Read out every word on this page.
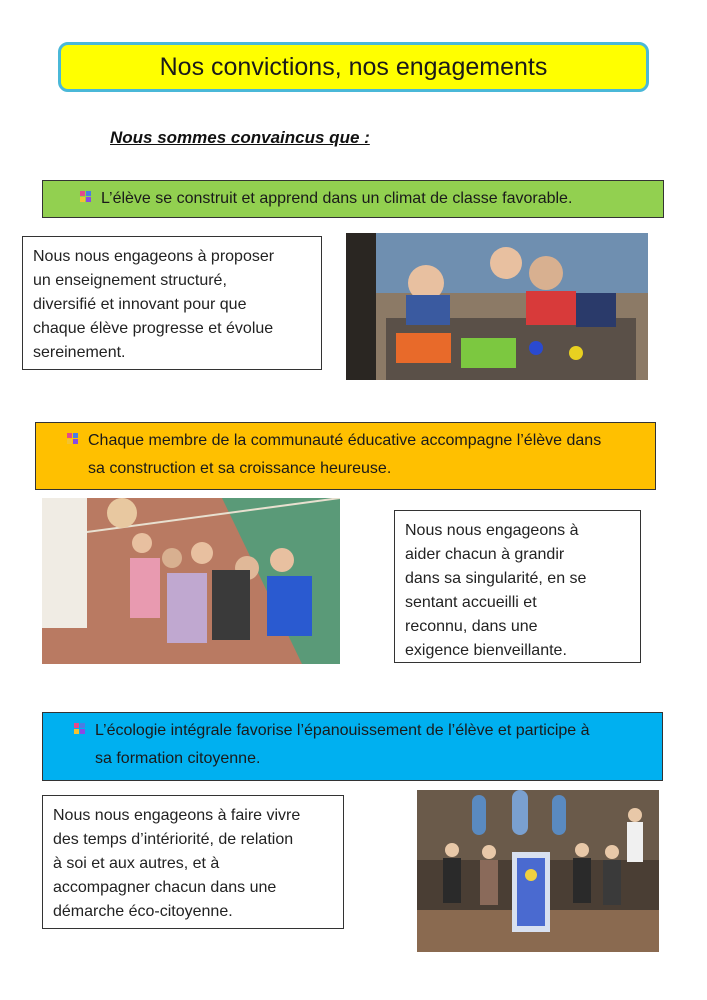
Nos convictions, nos engagements
Nous sommes convaincus que :
L’élève se construit et apprend dans un climat de classe favorable.
Nous nous engageons à proposer
un enseignement structuré,
diversifié et innovant pour que
chaque élève progresse et évolue
sereinement.
Chaque membre de la communauté éducative accompagne l’élève dans
sa construction et sa croissance heureuse.
Nous nous engageons à
aider chacun à grandir
dans sa singularité, en se
sentant accueilli et
reconnu, dans une
exigence bienveillante.
L’écologie intégrale favorise l’épanouissement de l’élève et participe à
sa formation citoyenne.
Nous nous engageons à faire vivre
des temps d’intériorité, de relation
à soi et aux autres, et à
accompagner chacun dans une
démarche éco-citoyenne.
